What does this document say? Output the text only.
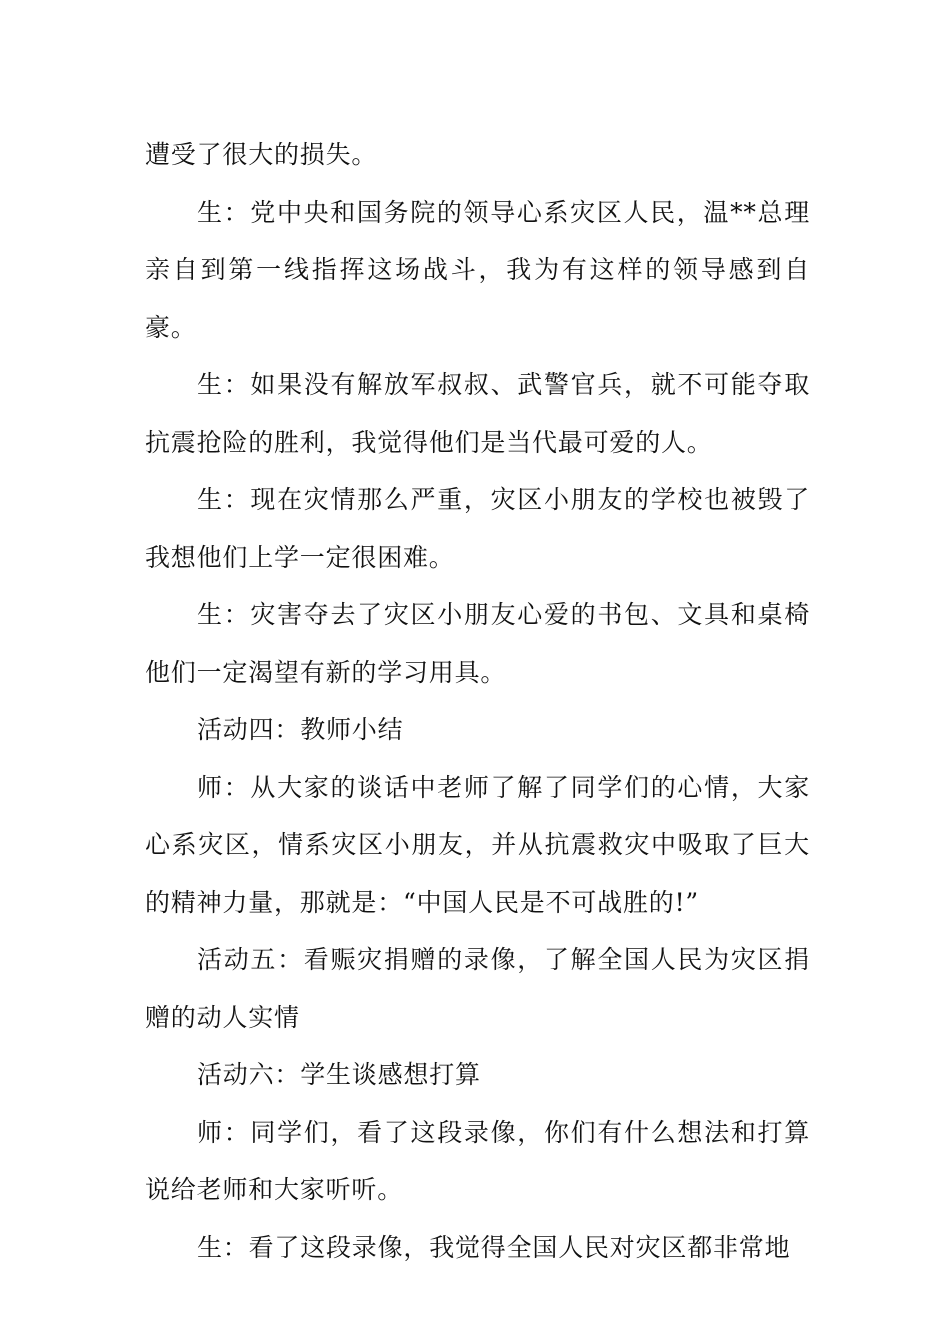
遭受了很大的损失。

生：党中央和国务院的领导心系灾区人民，温**总理亲自到第一线指挥这场战斗，我为有这样的领导感到自豪。

生：如果没有解放军叔叔、武警官兵，就不可能夺取抗震抢险的胜利，我觉得他们是当代最可爱的人。

生：现在灾情那么严重，灾区小朋友的学校也被毁了我想他们上学一定很困难。

生：灾害夺去了灾区小朋友心爱的书包、文具和桌椅他们一定渴望有新的学习用具。

活动四：教师小结

师：从大家的谈话中老师了解了同学们的心情，大家心系灾区，情系灾区小朋友，并从抗震救灾中吸取了巨大的精神力量，那就是：“中国人民是不可战胜的!”

活动五：看赈灾捐赠的录像，了解全国人民为灾区捐赠的动人实情

活动六：学生谈感想打算

师：同学们，看了这段录像，你们有什么想法和打算说给老师和大家听听。

生：看了这段录像，我觉得全国人民对灾区都非常地
